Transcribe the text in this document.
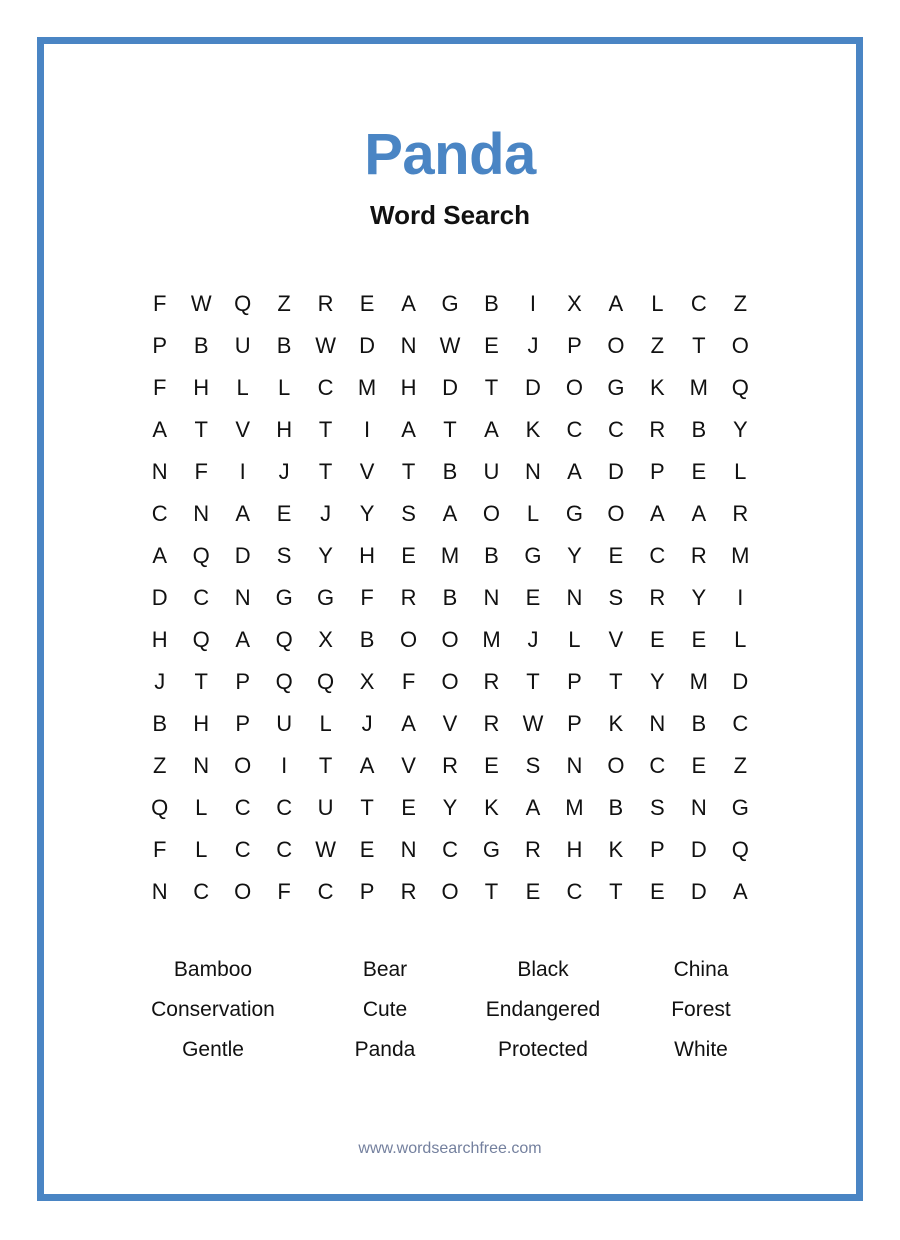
Panda
Word Search
F	W	Q	Z	R	E	A	G	B	I	X	A	L	C	Z
P	B	U	B	W	D	N	W	E	J	P	O	Z	T	O
F	H	L	L	C	M	H	D	T	D	O	G	K	M	Q
A	T	V	H	T	I	A	T	A	K	C	C	R	B	Y
N	F	I	J	T	V	T	B	U	N	A	D	P	E	L
C	N	A	E	J	Y	S	A	O	L	G	O	A	A	R
A	Q	D	S	Y	H	E	M	B	G	Y	E	C	R	M
D	C	N	G	G	F	R	B	N	E	N	S	R	Y	I
H	Q	A	Q	X	B	O	O	M	J	L	V	E	E	L
J	T	P	Q	Q	X	F	O	R	T	P	T	Y	M	D
B	H	P	U	L	J	A	V	R	W	P	K	N	B	C
Z	N	O	I	T	A	V	R	E	S	N	O	C	E	Z
Q	L	C	C	U	T	E	Y	K	A	M	B	S	N	G
F	L	C	C	W	E	N	C	G	R	H	K	P	D	Q
N	C	O	F	C	P	R	O	T	E	C	T	E	D	A
Bamboo	Bear	Black	China
Conservation	Cute	Endangered	Forest
Gentle	Panda	Protected	White
www.wordsearchfree.com
